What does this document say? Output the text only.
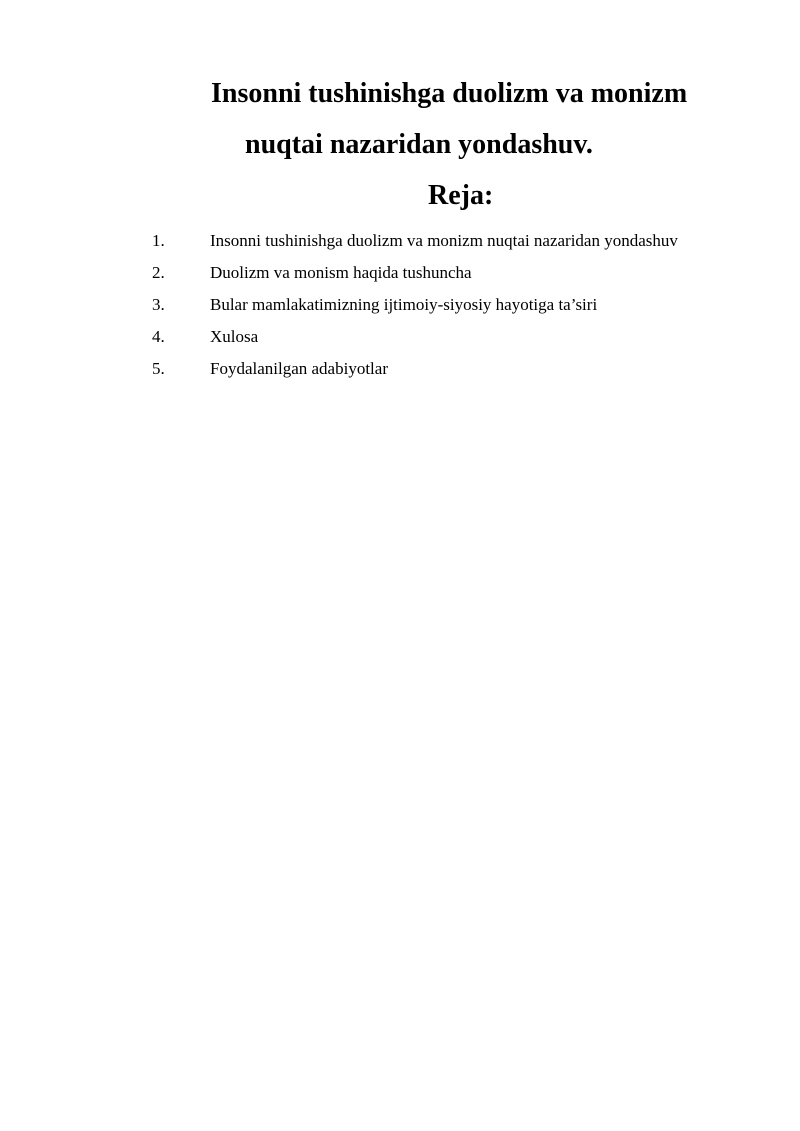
Insonni tushinishga duolizm va monizm
nuqtai nazaridan yondashuv.
Reja:
1.	Insonni tushinishga duolizm va monizm nuqtai nazaridan yondashuv
2.	Duolizm va monism haqida tushuncha
3.	Bular mamlakatimizning ijtimoiy-siyosiy hayotiga ta’siri
4.	Xulosa
5.	Foydalanilgan adabiyotlar
